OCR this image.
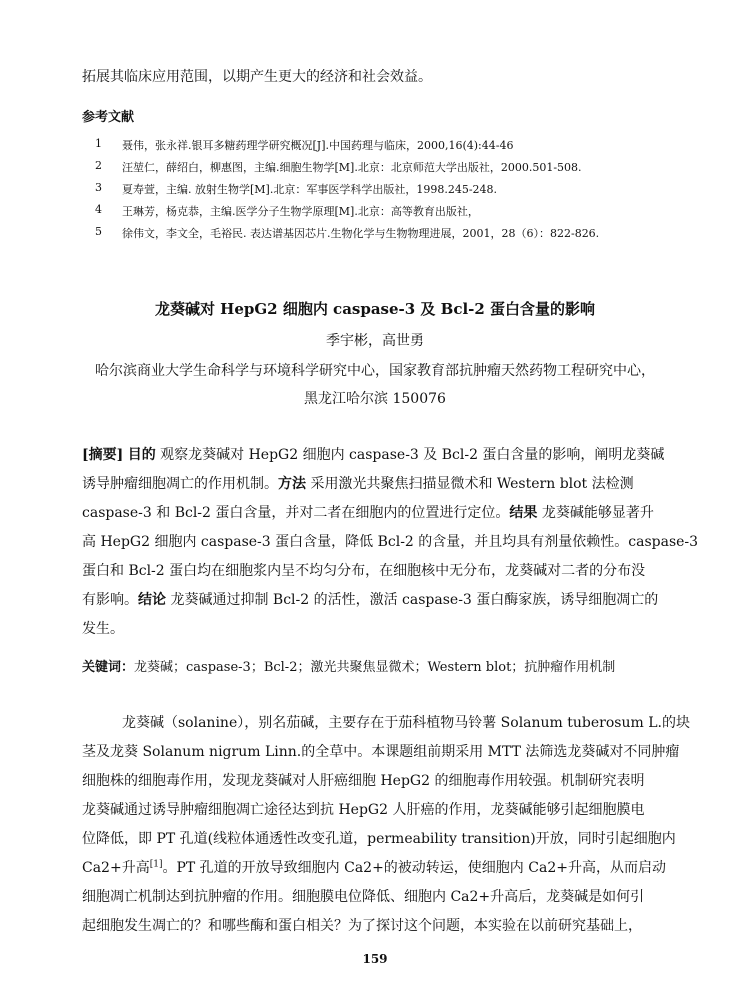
拓展其临床应用范围，以期产生更大的经济和社会效益。
参考文献
1 聂伟，张永祥.银耳多糖药理学研究概况[J].中国药理与临床，2000,16(4):44-46
2 汪堃仁，薛绍白，柳惠图，主编.细胞生物学[M].北京：北京师范大学出版社，2000.501-508.
3 夏寿萱，主编. 放射生物学[M].北京：军事医学科学出版社，1998.245-248.
4 王琳芳，杨克恭，主编.医学分子生物学原理[M].北京：高等教育出版社，
5 徐伟文，李文全，毛裕民. 表达谱基因芯片.生物化学与生物物理进展，2001，28（6）：822-826.
龙葵碱对 HepG2 细胞内 caspase-3 及 Bcl-2 蛋白含量的影响
季宇彬，高世勇
哈尔滨商业大学生命科学与环境科学研究中心，国家教育部抗肿瘤天然药物工程研究中心，
黑龙江哈尔滨 150076
[摘要] 目的 观察龙葵碱对 HepG2 细胞内 caspase-3 及 Bcl-2 蛋白含量的影响，阐明龙葵碱
诱导肿瘤细胞凋亡的作用机制。方法 采用激光共聚焦扫描显微术和 Western blot 法检测
caspase-3 和 Bcl-2 蛋白含量，并对二者在细胞内的位置进行定位。结果 龙葵碱能够显著升
高 HepG2 细胞内 caspase-3 蛋白含量，降低 Bcl-2 的含量，并且均具有剂量依赖性。caspase-3
蛋白和 Bcl-2 蛋白均在细胞浆内呈不均匀分布，在细胞核中无分布，龙葵碱对二者的分布没
有影响。结论 龙葵碱通过抑制 Bcl-2 的活性，激活 caspase-3 蛋白酶家族，诱导细胞凋亡的
发生。
关键词：龙葵碱；caspase-3；Bcl-2；激光共聚焦显微术；Western blot；抗肿瘤作用机制
龙葵碱（solanine），别名茄碱，主要存在于茄科植物马铃薯 Solanum tuberosum L.的块
茎及龙葵 Solanum nigrum Linn.的全草中。本课题组前期采用 MTT 法筛选龙葵碱对不同肿瘤
细胞株的细胞毒作用，发现龙葵碱对人肝癌细胞 HepG2 的细胞毒作用较强。机制研究表明
龙葵碱通过诱导肿瘤细胞凋亡途径达到抗 HepG2 人肝癌的作用，龙葵碱能够引起细胞膜电
位降低，即 PT 孔道(线粒体通透性改变孔道，permeability transition)开放，同时引起细胞内
Ca2+升高[1]。PT 孔道的开放导致细胞内 Ca2+的被动转运，使细胞内 Ca2+升高，从而启动
细胞凋亡机制达到抗肿瘤的作用。细胞膜电位降低、细胞内 Ca2+升高后，龙葵碱是如何引
起细胞发生凋亡的？和哪些酶和蛋白相关？为了探讨这个问题，本实验在以前研究基础上，
159
